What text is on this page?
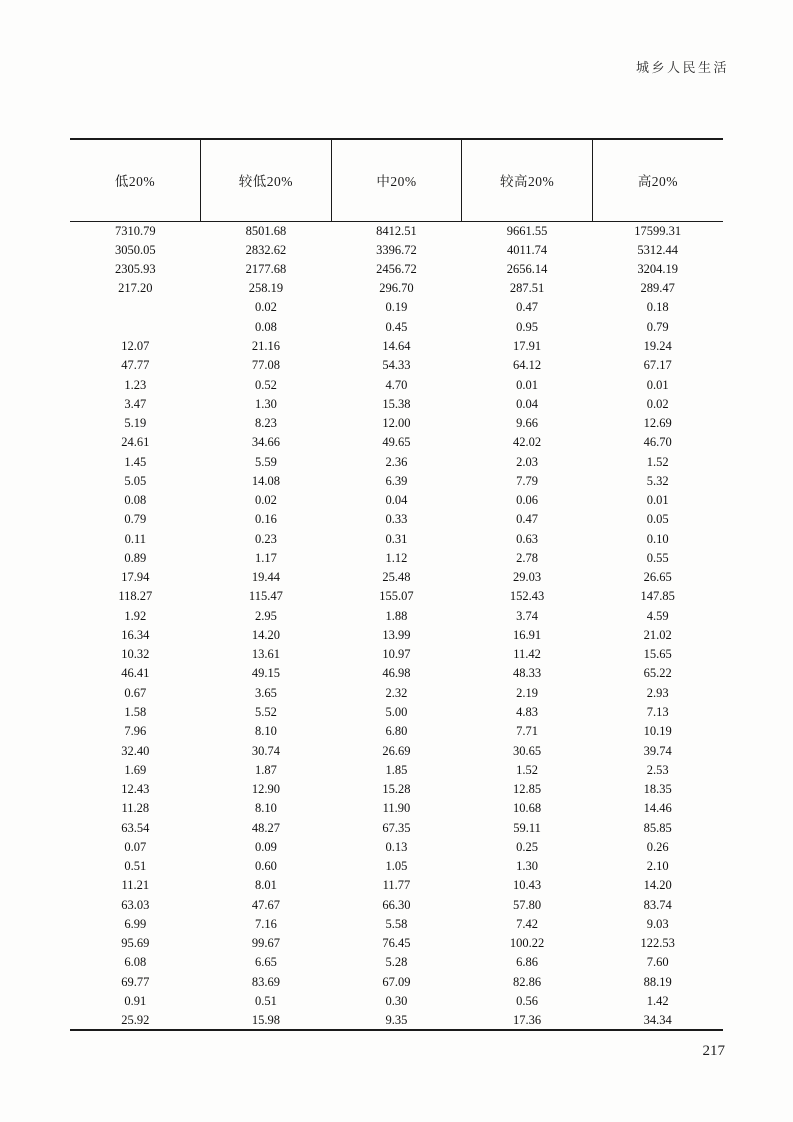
城乡人民生活
低20%	较低20%	中20%	较高20%	高20%
7310.79	8501.68	8412.51	9661.55	17599.31
3050.05	2832.62	3396.72	4011.74	5312.44
2305.93	2177.68	2456.72	2656.14	3204.19
217.20	258.19	296.70	287.51	289.47
	0.02	0.19	0.47	0.18
	0.08	0.45	0.95	0.79
12.07	21.16	14.64	17.91	19.24
47.77	77.08	54.33	64.12	67.17
1.23	0.52	4.70	0.01	0.01
3.47	1.30	15.38	0.04	0.02
5.19	8.23	12.00	9.66	12.69
24.61	34.66	49.65	42.02	46.70
1.45	5.59	2.36	2.03	1.52
5.05	14.08	6.39	7.79	5.32
0.08	0.02	0.04	0.06	0.01
0.79	0.16	0.33	0.47	0.05
0.11	0.23	0.31	0.63	0.10
0.89	1.17	1.12	2.78	0.55
17.94	19.44	25.48	29.03	26.65
118.27	115.47	155.07	152.43	147.85
1.92	2.95	1.88	3.74	4.59
16.34	14.20	13.99	16.91	21.02
10.32	13.61	10.97	11.42	15.65
46.41	49.15	46.98	48.33	65.22
0.67	3.65	2.32	2.19	2.93
1.58	5.52	5.00	4.83	7.13
7.96	8.10	6.80	7.71	10.19
32.40	30.74	26.69	30.65	39.74
1.69	1.87	1.85	1.52	2.53
12.43	12.90	15.28	12.85	18.35
11.28	8.10	11.90	10.68	14.46
63.54	48.27	67.35	59.11	85.85
0.07	0.09	0.13	0.25	0.26
0.51	0.60	1.05	1.30	2.10
11.21	8.01	11.77	10.43	14.20
63.03	47.67	66.30	57.80	83.74
6.99	7.16	5.58	7.42	9.03
95.69	99.67	76.45	100.22	122.53
6.08	6.65	5.28	6.86	7.60
69.77	83.69	67.09	82.86	88.19
0.91	0.51	0.30	0.56	1.42
25.92	15.98	9.35	17.36	34.34
217
